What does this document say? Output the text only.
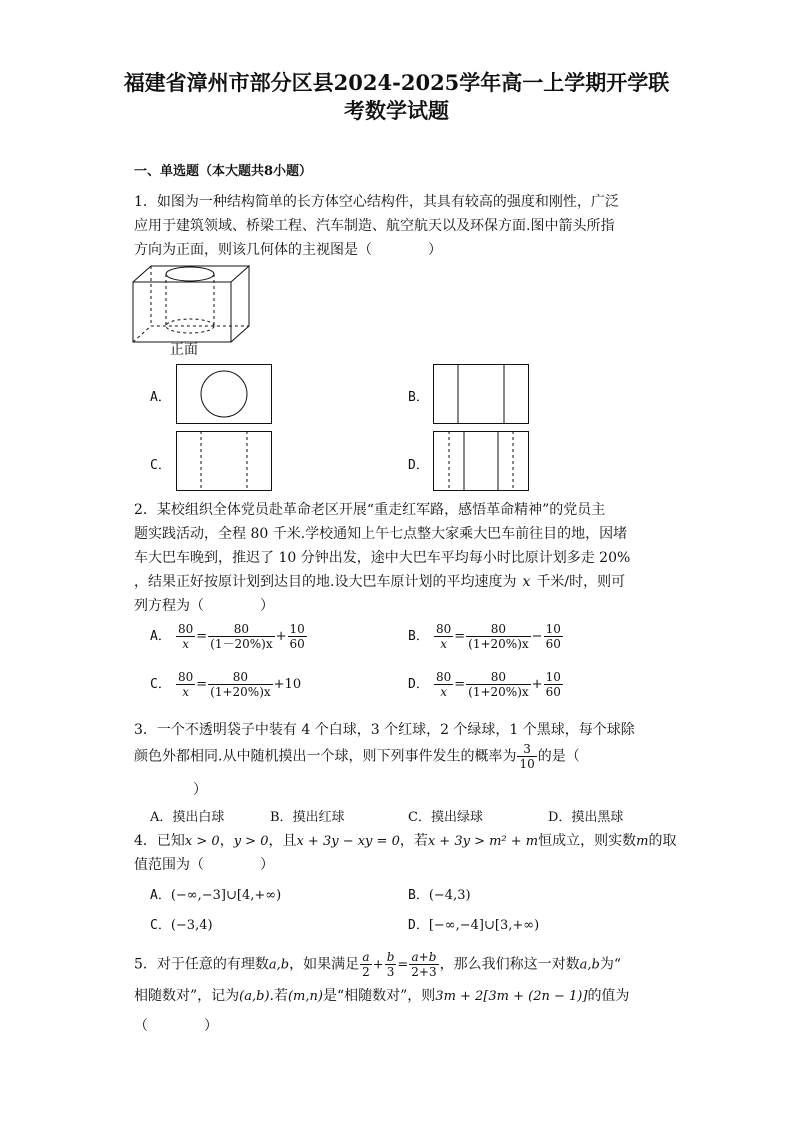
福建省漳州市部分区县2024-2025学年高一上学期开学联
考数学试题
一、单选题（本大题共8小题）
1．如图为一种结构简单的长方体空心结构件，其具有较高的强度和刚性，广泛
应用于建筑领域、桥梁工程、汽车制造、航空航天以及环保方面.图中箭头所指
方向为正面，则该几何体的主视图是（　　　　）
正面
A．	B．
C．	D．
2．某校组织全体党员赴革命老区开展“重走红军路，感悟革命精神”的党员主
题实践活动，全程 80 千米.学校通知上午七点整大家乘大巴车前往目的地，因堵
车大巴车晚到，推迟了 10 分钟出发，途中大巴车平均每小时比原计划多走 20%
，结果正好按原计划到达目的地.设大巴车原计划的平均速度为 x 千米/时，则可
列方程为（　　　　）
A． $\frac{80}{x} = \frac{80}{(1-20\%)x} + \frac{10}{60}$	B． $\frac{80}{x} = \frac{80}{(1+20\%)x} - \frac{10}{60}$
C． $\frac{80}{x} = \frac{80}{(1+20\%)x} +10$	D． $\frac{80}{x} = \frac{80}{(1+20\%)x} + \frac{10}{60}$
3．一个不透明袋子中装有 4 个白球，3 个红球，2 个绿球，1 个黑球，每个球除
颜色外都相同.从中随机摸出一个球，则下列事件发生的概率为 $\frac{3}{10}$ 的是（
）
A．摸出白球	B．摸出红球	C．摸出绿球	D．摸出黑球
4．已知x > 0，y > 0，且x + 3y − xy = 0，若x + 3y > m² + m恒成立，则实数m的取
值范围为（　　　　）
A．(−∞,−3]∪[4,+∞)	B．(−4,3)
C．(−3,4)	D．[−∞,−4]∪[3,+∞)
5．对于任意的有理数a,b，如果满足 $\frac{a}{2} + \frac{b}{3} = \frac{a+b}{2+3}$ ，那么我们称这一对数a,b为“
相随数对”，记为(a,b).若(m,n)是“相随数对”，则3m + 2[3m + (2n − 1)]的值为
（　　　　）
